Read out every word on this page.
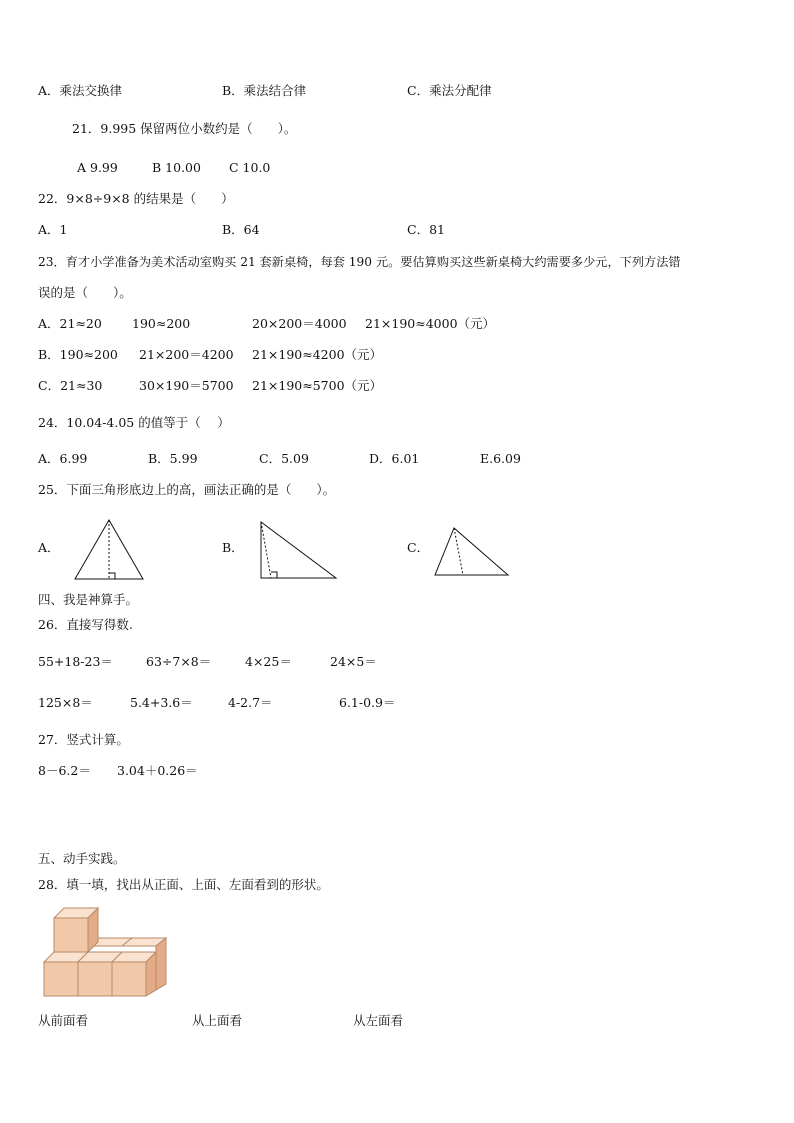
A．乘法交换律	B．乘法结合律	C．乘法分配律
21．9.995 保留两位小数约是（　　）。
A 9.99	B 10.00 C 10.0
22．9×8÷9×8 的结果是（　　）
A．1	B．64	C．81
23．育才小学准备为美术活动室购买 21 套新桌椅，每套 190 元。要估算购买这些新桌椅大约需要多少元，下列方法错
误的是（　　）。
A．21≈20 190≈200	20×200＝4000 21×190≈4000（元）
B．190≈200 21×200＝4200 21×190≈4200（元）
C．21≈30	30×190＝5700 21×190≈5700（元）
24．10.04-4.05 的值等于（　 ）
A．6.99	B．5.99	C．5.09	D．6.01	E.6.09
25．下面三角形底边上的高，画法正确的是（　　）。
A．	B．	C．
四、我是神算手。
26．直接写得数.
55+18-23＝	63÷7×8＝	4×25＝	24×5＝
125×8＝	5.4+3.6＝	4-2.7＝	6.1-0.9＝
27．竖式计算。
8－6.2＝ 3.04＋0.26＝
五、动手实践。
28．填一填，找出从正面、上面、左面看到的形状。
从前面看	从上面看	从左面看
